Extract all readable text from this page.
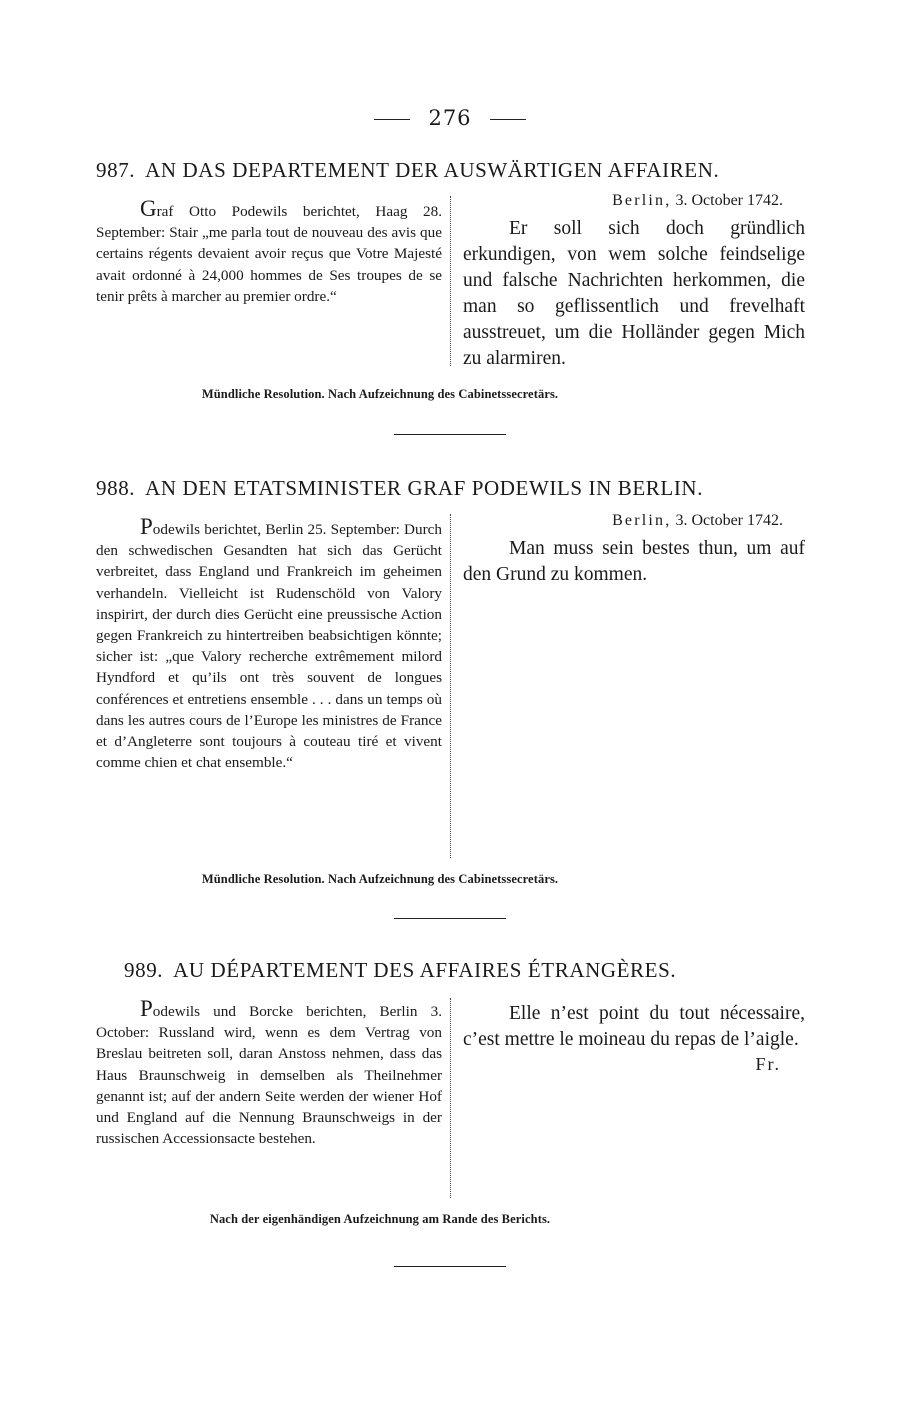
276
987. AN DAS DEPARTEMENT DER AUSWÄRTIGEN AFFAIREN.
Graf Otto Podewils berichtet, Haag 28. September: Stair „me parla tout de nouveau des avis que certains régents devaient avoir reçus que Votre Majesté avait ordonné à 24,000 hommes de Ses troupes de se tenir prêts à marcher au premier ordre.“
Berlin, 3. October 1742.
Er soll sich doch gründlich erkundigen, von wem solche feindselige und falsche Nachrichten herkommen, die man so geflissentlich und frevelhaft ausstreuet, um die Holländer gegen Mich zu alarmiren.
Mündliche Resolution. Nach Aufzeichnung des Cabinetssecretärs.
988. AN DEN ETATSMINISTER GRAF PODEWILS IN BERLIN.
Podewils berichtet, Berlin 25. September: Durch den schwedischen Gesandten hat sich das Gerücht verbreitet, dass England und Frankreich im geheimen verhandeln. Vielleicht ist Rudenschöld von Valory inspirirt, der durch dies Gerücht eine preussische Action gegen Frankreich zu hintertreiben beabsichtigen könnte; sicher ist: „que Valory recherche extrêmement milord Hyndford et qu’ils ont très souvent de longues conférences et entretiens ensemble . . . dans un temps où dans les autres cours de l’Europe les ministres de France et d’Angleterre sont toujours à couteau tiré et vivent comme chien et chat ensemble.“
Berlin, 3. October 1742.
Man muss sein bestes thun, um auf den Grund zu kommen.
Mündliche Resolution. Nach Aufzeichnung des Cabinetssecretärs.
989. AU DÉPARTEMENT DES AFFAIRES ÉTRANGÈRES.
Podewils und Borcke berichten, Berlin 3. October: Russland wird, wenn es dem Vertrag von Breslau beitreten soll, daran Anstoss nehmen, dass das Haus Braunschweig in demselben als Theilnehmer genannt ist; auf der andern Seite werden der wiener Hof und England auf die Nennung Braunschweigs in der russischen Accessionsacte bestehen.
Elle n’est point du tout nécessaire, c’est mettre le moineau du repas de l’aigle.
Fr.
Nach der eigenhändigen Aufzeichnung am Rande des Berichts.
